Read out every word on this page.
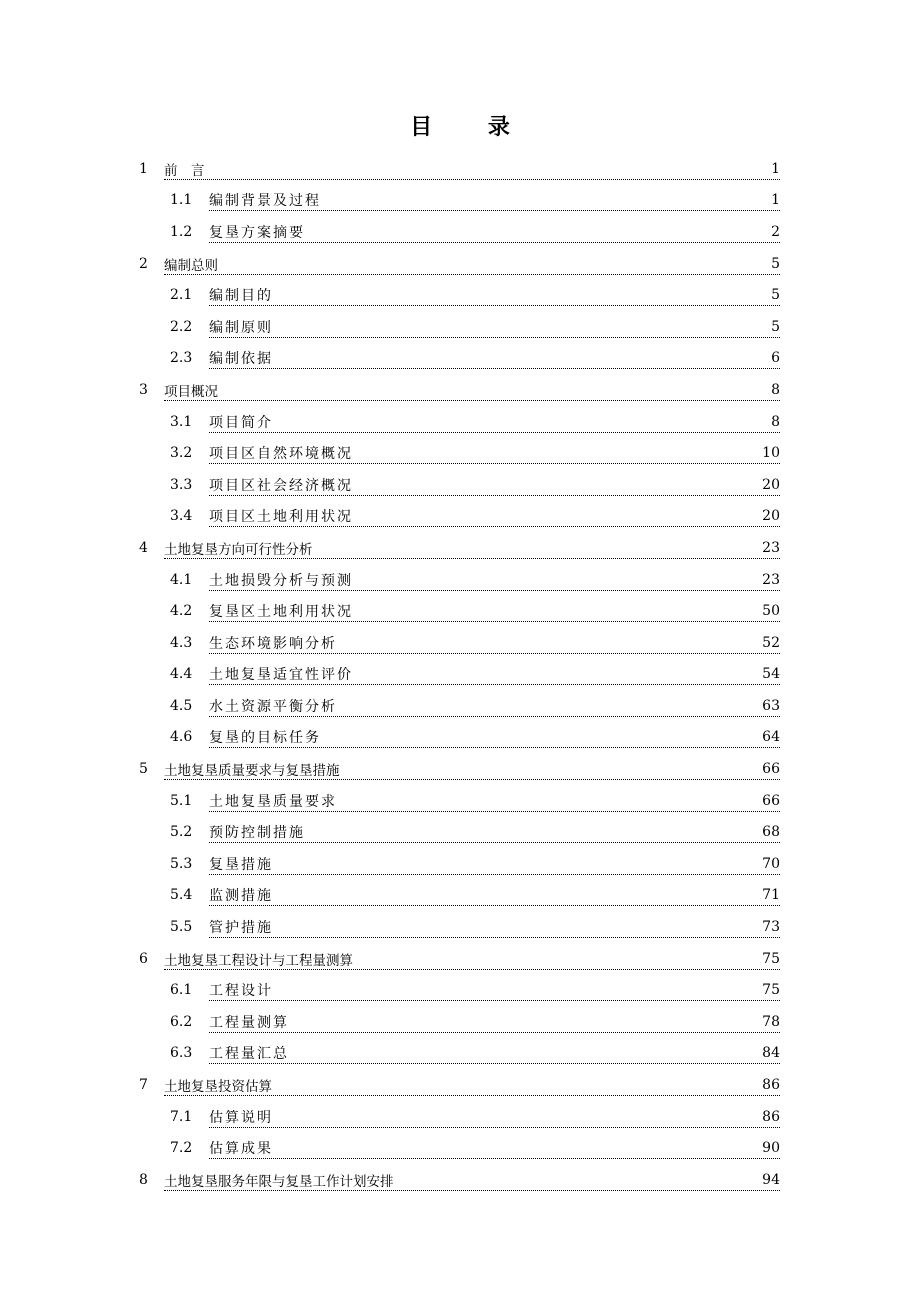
目 录
1 前　言	1
1.1 编制背景及过程	1
1.2 复垦方案摘要	2
2 编制总则	5
2.1 编制目的	5
2.2 编制原则	5
2.3 编制依据	6
3 项目概况	8
3.1 项目简介	8
3.2 项目区自然环境概况	10
3.3 项目区社会经济概况	20
3.4 项目区土地利用状况	20
4 土地复垦方向可行性分析	23
4.1 土地损毁分析与预测	23
4.2 复垦区土地利用状况	50
4.3 生态环境影响分析	52
4.4 土地复垦适宜性评价	54
4.5 水土资源平衡分析	63
4.6 复垦的目标任务	64
5 土地复垦质量要求与复垦措施	66
5.1 土地复垦质量要求	66
5.2 预防控制措施	68
5.3 复垦措施	70
5.4 监测措施	71
5.5 管护措施	73
6 土地复垦工程设计与工程量测算	75
6.1 工程设计	75
6.2 工程量测算	78
6.3 工程量汇总	84
7 土地复垦投资估算	86
7.1 估算说明	86
7.2 估算成果	90
8 土地复垦服务年限与复垦工作计划安排	94
